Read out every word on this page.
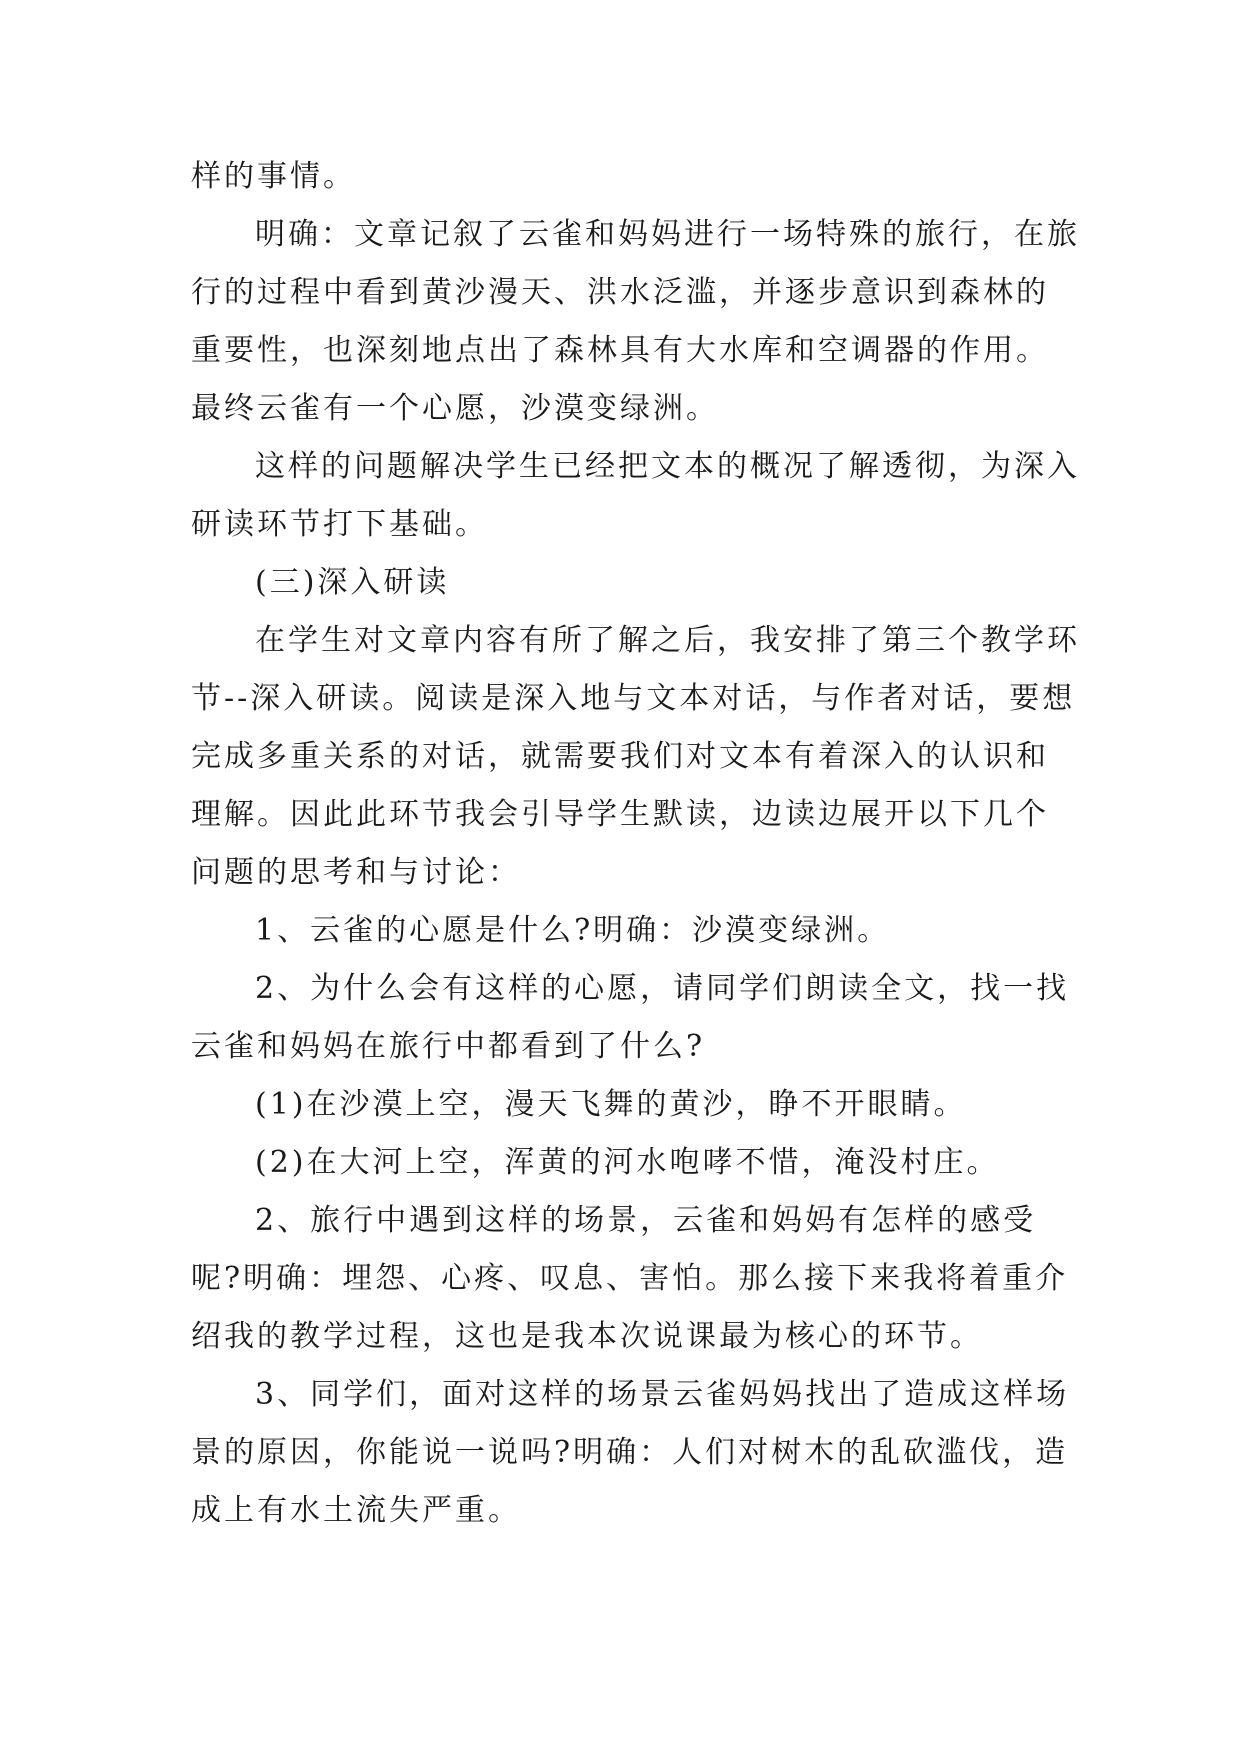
样的事情。

明确：文章记叙了云雀和妈妈进行一场特殊的旅行，在旅行的过程中看到黄沙漫天、洪水泛滥，并逐步意识到森林的重要性，也深刻地点出了森林具有大水库和空调器的作用。最终云雀有一个心愿，沙漠变绿洲。

这样的问题解决学生已经把文本的概况了解透彻，为深入研读环节打下基础。

(三)深入研读

在学生对文章内容有所了解之后，我安排了第三个教学环节--深入研读。阅读是深入地与文本对话，与作者对话，要想完成多重关系的对话，就需要我们对文本有着深入的认识和理解。因此此环节我会引导学生默读，边读边展开以下几个问题的思考和与讨论：

1、云雀的心愿是什么?明确：沙漠变绿洲。

2、为什么会有这样的心愿，请同学们朗读全文，找一找云雀和妈妈在旅行中都看到了什么?

(1)在沙漠上空，漫天飞舞的黄沙，睁不开眼睛。

(2)在大河上空，浑黄的河水咆哮不惜，淹没村庄。

2、旅行中遇到这样的场景，云雀和妈妈有怎样的感受呢?明确：埋怨、心疼、叹息、害怕。那么接下来我将着重介绍我的教学过程，这也是我本次说课最为核心的环节。

3、同学们，面对这样的场景云雀妈妈找出了造成这样场景的原因，你能说一说吗?明确：人们对树木的乱砍滥伐，造成上有水土流失严重。
